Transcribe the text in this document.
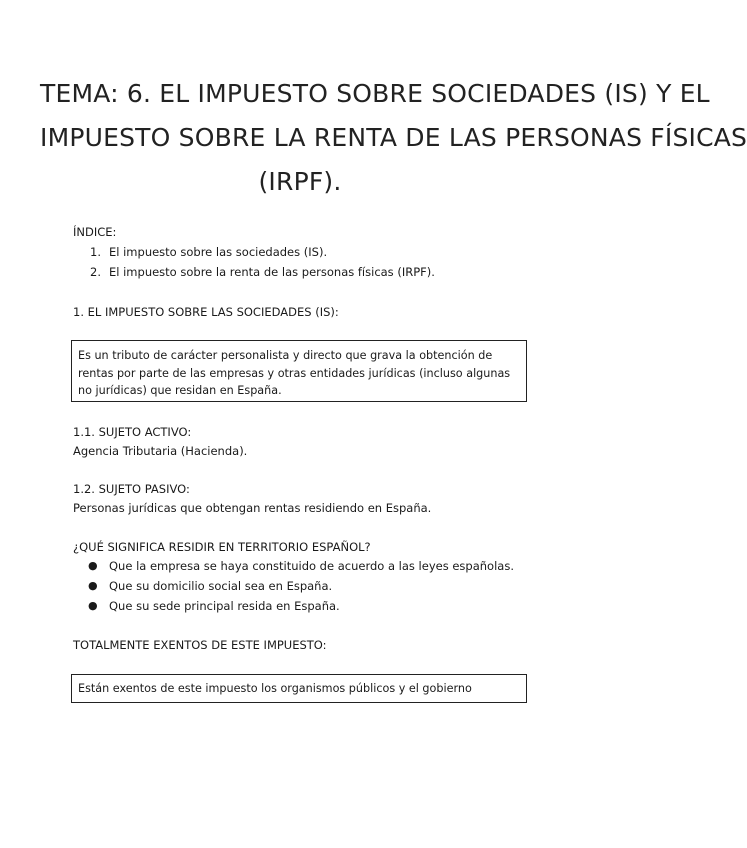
TEMA: 6. EL IMPUESTO SOBRE SOCIEDADES (IS) Y EL
IMPUESTO SOBRE LA RENTA DE LAS PERSONAS FÍSICAS
(IRPF).
ÍNDICE:
1. El impuesto sobre las sociedades (IS).
2. El impuesto sobre la renta de las personas físicas (IRPF).
1. EL IMPUESTO SOBRE LAS SOCIEDADES (IS):
Es un tributo de carácter personalista y directo que grava la obtención de rentas por parte de las empresas y otras entidades jurídicas (incluso algunas no jurídicas) que residan en España.
1.1. SUJETO ACTIVO:
Agencia Tributaria (Hacienda).
1.2. SUJETO PASIVO:
Personas jurídicas que obtengan rentas residiendo en España.
¿QUÉ SIGNIFICA RESIDIR EN TERRITORIO ESPAÑOL?
● Que la empresa se haya constituido de acuerdo a las leyes españolas.
● Que su domicilio social sea en España.
● Que su sede principal resida en España.
TOTALMENTE EXENTOS DE ESTE IMPUESTO:
Están exentos de este impuesto los organismos públicos y el gobierno
